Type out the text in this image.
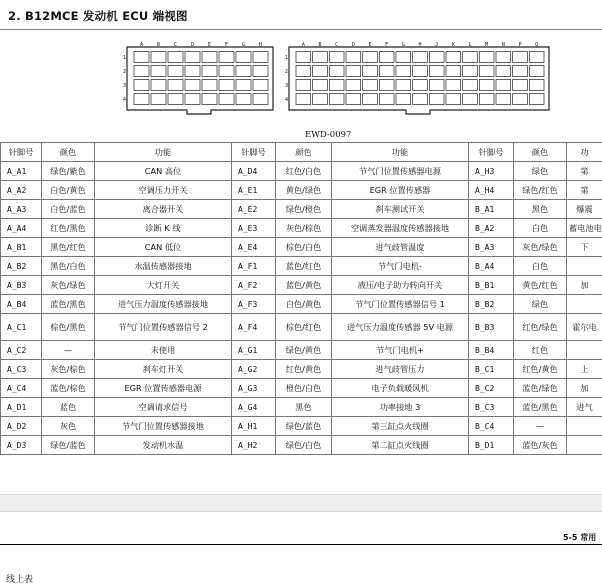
2. B12MCE 发动机 ECU 端视图
A	B	C	D	E	F	G	H
1
2
3
4
A	B	C	D	E	F	G	H	J	K	L	M	N	P	Q
1
2
3
4
EWD-0097
针脚号	颜色	功能	针脚号	颜色	功能	针脚号	颜色	功
A_A1	绿色/紫色	CAN 高位	A_D4	红色/白色	节气门位置传感器电源	A_H3	绿色	第
A_A2	白色/黄色	空调压力开关	A_E1	黄色/绿色	EGR 位置传感器	A_H4	绿色/红色	第
A_A3	白色/蓝色	离合器开关	A_E2	绿色/橙色	刹车测试开关	B_A1	黑色	爆震
A_A4	红色/黑色	诊断 K 线	A_E3	灰色/棕色	空调蒸发器温度传感器接地	B_A2	白色	蓄电池电
A_B1	黑色/红色	CAN 低位	A_E4	棕色/白色	进气歧管温度	B_A3	灰色/绿色	下
A_B2	黑色/白色	水温传感器接地	A_F1	蓝色/红色	节气门电机-	B_A4	白色	
A_B3	灰色/绿色	大灯开关	A_F2	蓝色/黄色	液压/电子助力转向开关	B_B1	黄色/红色	加
A_B4	蓝色/黑色	进气压力温度传感器接地	A_F3	白色/黄色	节气门位置传感器信号 1	B_B2	绿色	
A_C1	棕色/黑色	节气门位置传感器信号 2	A_F4	棕色/红色	进气压力温度传感器 5V 电源	B_B3	红色/绿色	霍尔电
A_C2	—	未使用	A_G1	绿色/黄色	节气门电机+	B_B4	红色	
A_C3	灰色/棕色	刹车灯开关	A_G2	红色/黄色	进气歧管压力	B_C1	红色/黄色	上
A_C4	蓝色/棕色	EGR 位置传感器电源	A_G3	橙色/白色	电子负载暖风机	B_C2	蓝色/绿色	加
A_D1	蓝色	空调请求信号	A_G4	黑色	功率接地 3	B_C3	蓝色/黑色	进气
A_D2	灰色	节气门位置传感器接地	A_H1	绿色/蓝色	第三缸点火线圈	B_C4	—	
A_D3	绿色/蓝色	发动机水温	A_H2	绿色/白色	第二缸点火线圈	B_D1	蓝色/灰色	
5-5 常用
线上表
